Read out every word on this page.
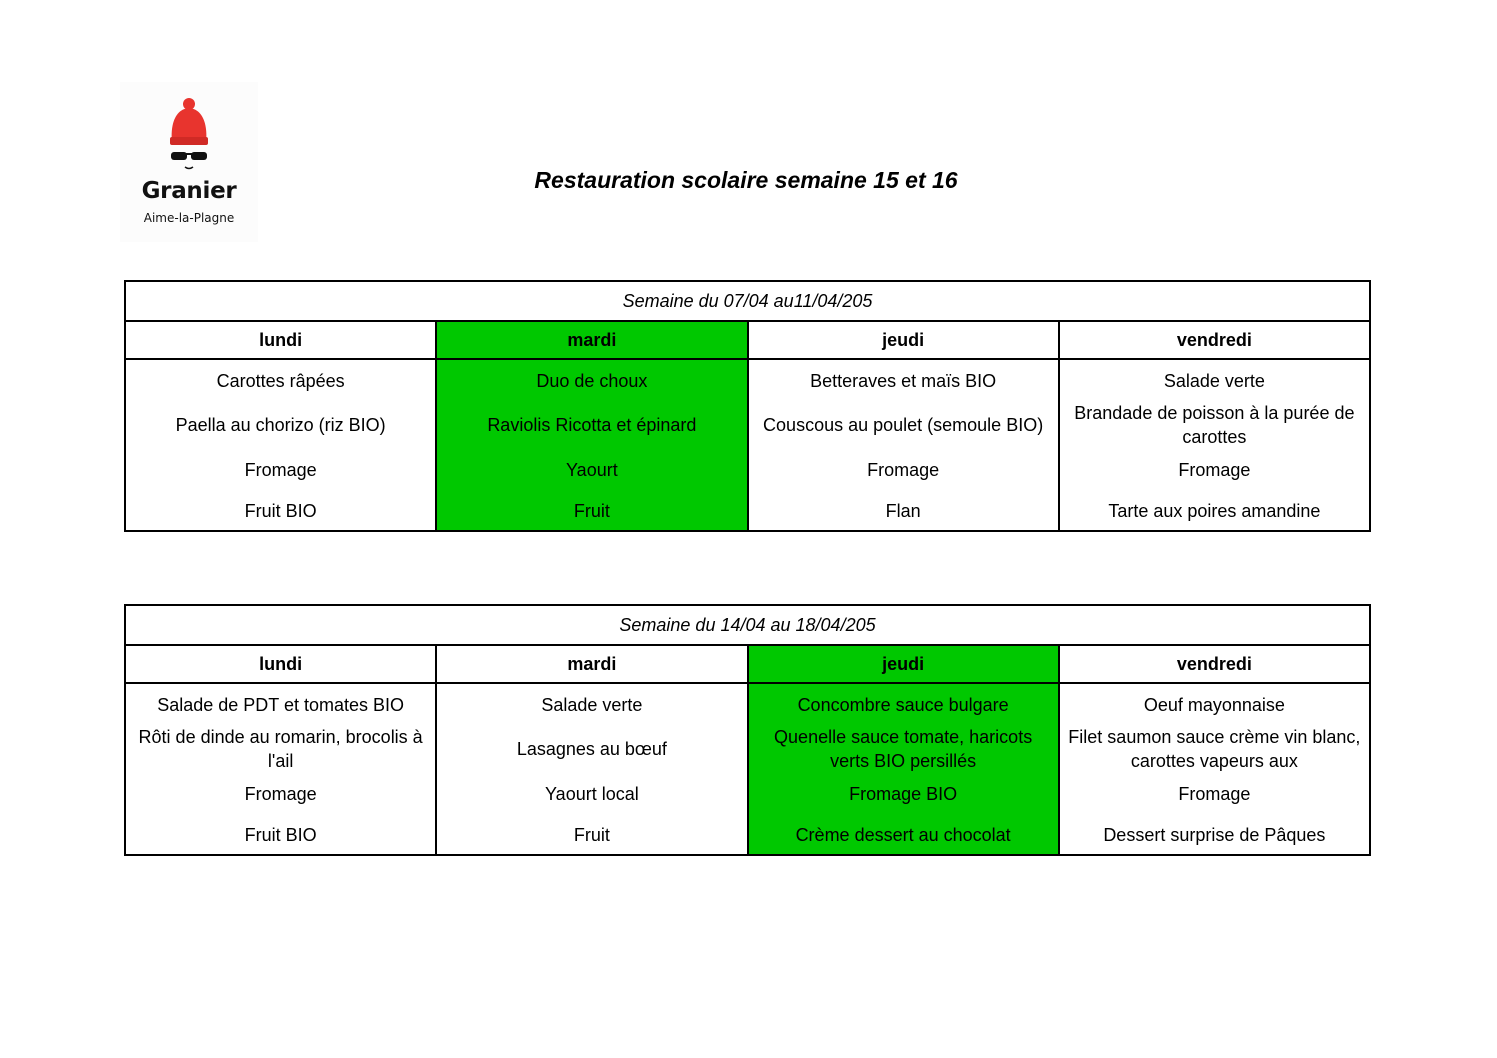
Granier
Aime-la-Plagne
Restauration scolaire semaine 15 et 16
Semaine du 07/04 au11/04/205			
lundi	mardi	jeudi	vendredi
Carottes râpées	Duo de choux	Betteraves et maïs BIO	Salade verte
Paella au chorizo (riz BIO)	Raviolis Ricotta et épinard	Couscous au poulet (semoule BIO)	Brandade de poisson à la purée de carottes
Fromage	Yaourt	Fromage	Fromage
Fruit BIO	Fruit	Flan	Tarte aux poires amandine
Semaine du 14/04 au 18/04/205			
lundi	mardi	jeudi	vendredi
Salade de PDT et tomates BIO	Salade verte	Concombre sauce bulgare	Oeuf mayonnaise

Rôti de dinde au romarin, brocolis à l'ail	Lasagnes au bœuf	Quenelle sauce tomate, haricots verts BIO persillés	Filet saumon sauce crème vin blanc, carottes vapeurs aux

Fromage	Yaourt local	Fromage BIO	Fromage
Fruit BIO	Fruit	Crème dessert au chocolat	Dessert surprise de Pâques
